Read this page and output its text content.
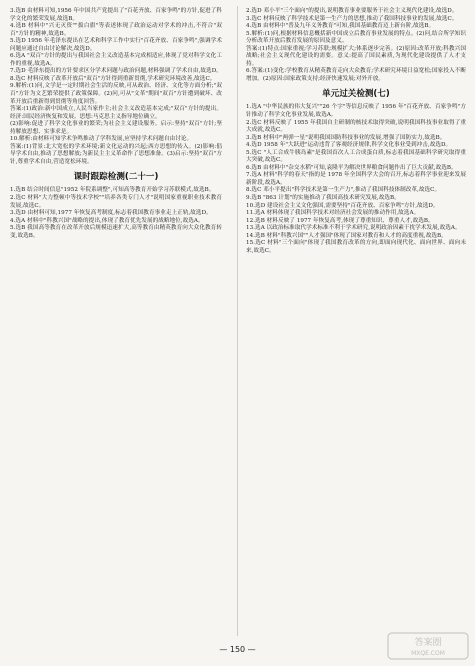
3.选B 由材料可知,1956 年中国共产党提出了"百花齐放、百家争鸣"的方针,促进了科学文化的繁荣发展,故选B。

4.选B 材料中"兴无灭资""拔白旗"等表述体现了政治运动对学术的冲击,不符合"双百"方针的精神,故选B。

5.选D 1956 年毛泽东提出在艺术和科学工作中实行"百花齐放、百家争鸣",强调学术问题应通过自由讨论解决,故选D。

6.选A "双百"方针的提出与我国社会主义改造基本完成相适应,体现了党对科学文化工作的重视,故选A。

7.选D 毛泽东提出的方针要求区分学术问题与政治问题,材料强调了学术自由,故选D。

8.选C 材料反映了改革开放后"双百"方针得到重新贯彻,学术研究环境改善,故选C。

9.解析:(1)问,文学是一定时期社会生活的反映,可从政治、经济、文化等方面分析;"双百"方针为文艺繁荣提供了政策保障。(2)问,可从"文革"期间"双百"方针遭到破坏、改革开放后重新得到贯彻等角度回答。

答案:(1)政治:新中国成立,人民当家作主;社会主义改造基本完成;"双百"方针的提出。经济:国民经济恢复和发展。思想:马克思主义指导地位确立。

(2)影响:促进了科学文化事业的繁荣;为社会主义建设服务。启示:坚持"双百"方针;坚持解放思想、实事求是。

10.解析:由材料可知学术争鸣推动了学科发展,应坚持学术问题自由讨论。

答案:(1)背景:北大宽松的学术环境;新文化运动的兴起;西方思想的传入。(2)影响:倡导学术自由,推动了思想解放;为新民主主义革命作了思想准备。(3)启示:坚持"双百"方针,尊重学术自由,营造宽松环境。

课时跟踪检测(二十一)

1.选B 结合时间信息"1952 年院系调整",可知高等教育开始学习苏联模式,故选B。

2.选C 材料"大力整顿中等技术学校""培养各类专门人才"说明国家重视职业技术教育发展,故选C。

3.选D 由材料可知,1977 年恢复高考制度,标志着我国教育事业走上正轨,故选D。

4.选A 材料中"科教兴国"战略的提出,体现了教育优先发展的战略地位,故选A。

5.选B 我国高等教育在改革开放后规模迅速扩大,高等教育由精英教育向大众化教育转变,故选B。

2.选D 邓小平"三个面向"的提出,说明教育事业要服务于社会主义现代化建设,故选D。

3.选C 材料反映了科学技术是第一生产力的思想,推动了我国科技事业的发展,故选C。

4.选B 由材料中"普及九年义务教育"可知,我国基础教育迈上新台阶,故选B。

5.解析:(1)问,根据材料信息概括新中国成立后教育事业发展的特点。(2)问,结合所学知识分析改革开放后教育发展的原因及意义。

答案:(1)特点:国家重视;学习苏联;规模扩大;体系逐步完善。(2)原因:改革开放;科教兴国战略;社会主义现代化建设的需要。意义:提高了国民素质,为现代化建设提供了人才支持。

6.答案:(1)变化:学校教育从精英教育走向大众教育;学术研究环境日益宽松;国家投入不断增加。(2)原因:国家政策支持;经济快速发展;对外开放。

单元过关检测(七)

1.选A "中华民族的伟大复兴""26 个字"等信息反映了 1956 年"百花齐放、百家争鸣"方针推动了科学文化事业发展,故选A。

2.选C 材料反映了 1955 年我国自主研制的核技术取得突破,说明我国科技事业取得了重大成就,故选C。

3.选B 材料中"两弹一星"说明我国国防科技事业的发展,增强了国防实力,故选B。

4.选D 1958 年"大跃进"运动违背了客观经济规律,科学文化事业受到冲击,故选D。

5.选C "人工合成牛胰岛素"是我国首次人工合成蛋白质,标志着我国基础科学研究取得重大突破,故选C。

6.选B 由材料中"杂交水稻"可知,袁隆平为解决世界粮食问题作出了巨大贡献,故选B。

7.选A 材料"科学的春天"指的是 1978 年全国科学大会的召开,标志着科学事业迎来发展新阶段,故选A。

8.选C 邓小平提出"科学技术是第一生产力",推动了我国科技体制改革,故选C。

9.选B "863 计划"的实施推动了我国高技术研究发展,故选B。

10.选D 建设社会主义文化强国,需要坚持"百花齐放、百家争鸣"方针,故选D。

11.选A 材料体现了我国科学技术对经济社会发展的推动作用,故选A。

12.选B 材料反映了 1977 年恢复高考,体现了尊重知识、尊重人才,故选B。

13.选A 以政治标准取代学术标准不利于学术研究,说明政治因素干扰学术发展,故选A。

14.选B 材料"科教兴国""人才强国"体现了国家对教育和人才的高度重视,故选B。

15.选C 材料"三个面向"体现了我国教育改革的方向,即面向现代化、面向世界、面向未来,故选C。

— 150 —
答案圈
MXQE.COM
